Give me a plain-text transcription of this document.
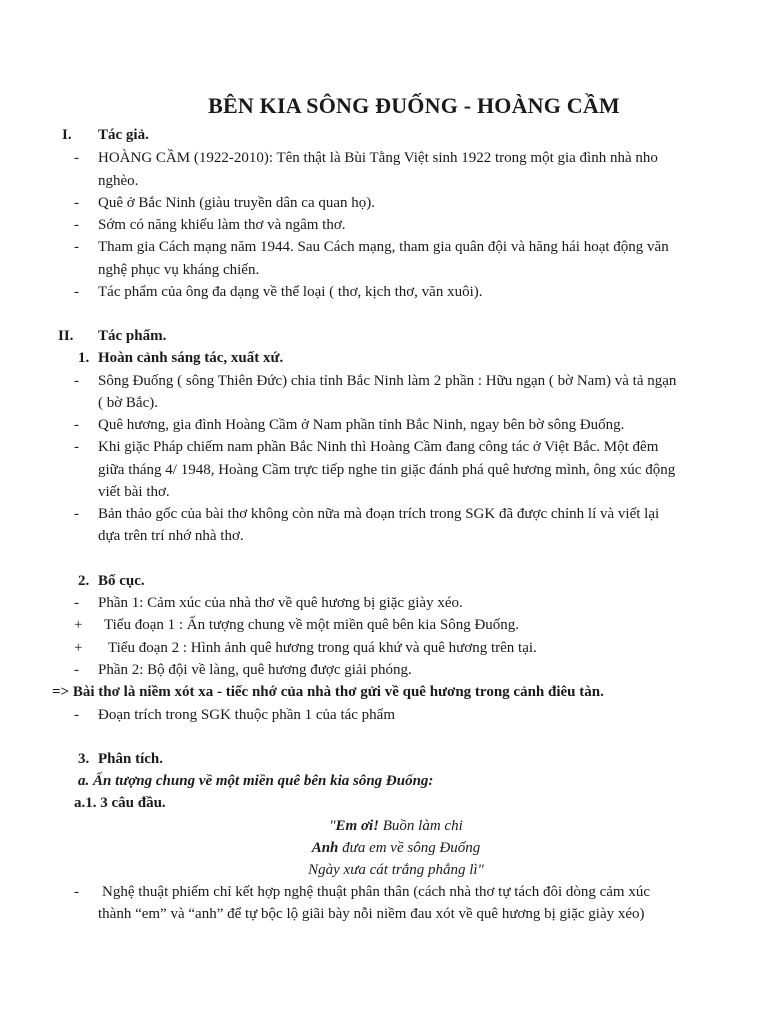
BÊN KIA SÔNG ĐUỐNG - HOÀNG CẦM
I. Tác giả.
-	HOÀNG CẦM (1922-2010): Tên thật là Bùi Tằng Việt sinh 1922 trong một gia đình nhà nho
nghèo.
-	Quê ở Bắc Ninh (giàu truyền dân ca quan họ).
-	Sớm có năng khiếu làm thơ và ngâm thơ.
-	Tham gia Cách mạng năm 1944. Sau Cách mạng, tham gia quân đội và hăng hái hoạt động văn
nghệ phục vụ kháng chiến.
-	Tác phẩm của ông đa dạng về thể loại ( thơ, kịch thơ, văn xuôi).
II. Tác phẩm.
1. Hoàn cảnh sáng tác, xuất xứ.
-	Sông Đuống ( sông Thiên Đức) chia tỉnh Bắc Ninh làm 2 phần : Hữu ngạn ( bờ Nam) và tả ngạn
( bờ Bắc).
-	Quê hương, gia đình Hoàng Cầm ở Nam phần tỉnh Bắc Ninh, ngay bên bờ sông Đuống.
-	Khi giặc Pháp chiếm nam phần Bắc Ninh thì Hoàng Cầm đang công tác ở Việt Bắc. Một đêm
giữa tháng 4/ 1948, Hoàng Cầm trực tiếp nghe tin giặc đánh phá quê hương mình, ông xúc động
viết bài thơ.
-	Bản thảo gốc của bài thơ không còn nữa mà đoạn trích trong SGK đã được chỉnh lí và viết lại
dựa trên trí nhớ nhà thơ.
2. Bố cục.
-	Phần 1: Cảm xúc của nhà thơ về quê hương bị giặc giày xéo.
+ Tiểu đoạn 1 : Ấn tượng chung về một miền quê bên kia Sông Đuống.
+ Tiểu đoạn 2 : Hình ảnh quê hương trong quá khứ và quê hương trên tại.
-	Phần 2: Bộ đội về làng, quê hương được giải phóng.
=> Bài thơ là niềm xót xa - tiếc nhớ của nhà thơ gửi về quê hương trong cảnh điêu tàn.
-	Đoạn trích trong SGK thuộc phần 1 của tác phẩm
3. Phân tích.
a. Ấn tượng chung về một miền quê bên kia sông Đuống:
a.1. 3 câu đầu.
"Em ơi! Buồn làm chi
Anh đưa em về sông Đuống
Ngày xưa cát trắng phẳng lì"
-	Nghệ thuật phiếm chỉ kết hợp nghệ thuật phân thân (cách nhà thơ tự tách đôi dòng cảm xúc
thành “em” và “anh” để tự bộc lộ giãi bày nỗi niềm đau xót về quê hương bị giặc giày xéo)
